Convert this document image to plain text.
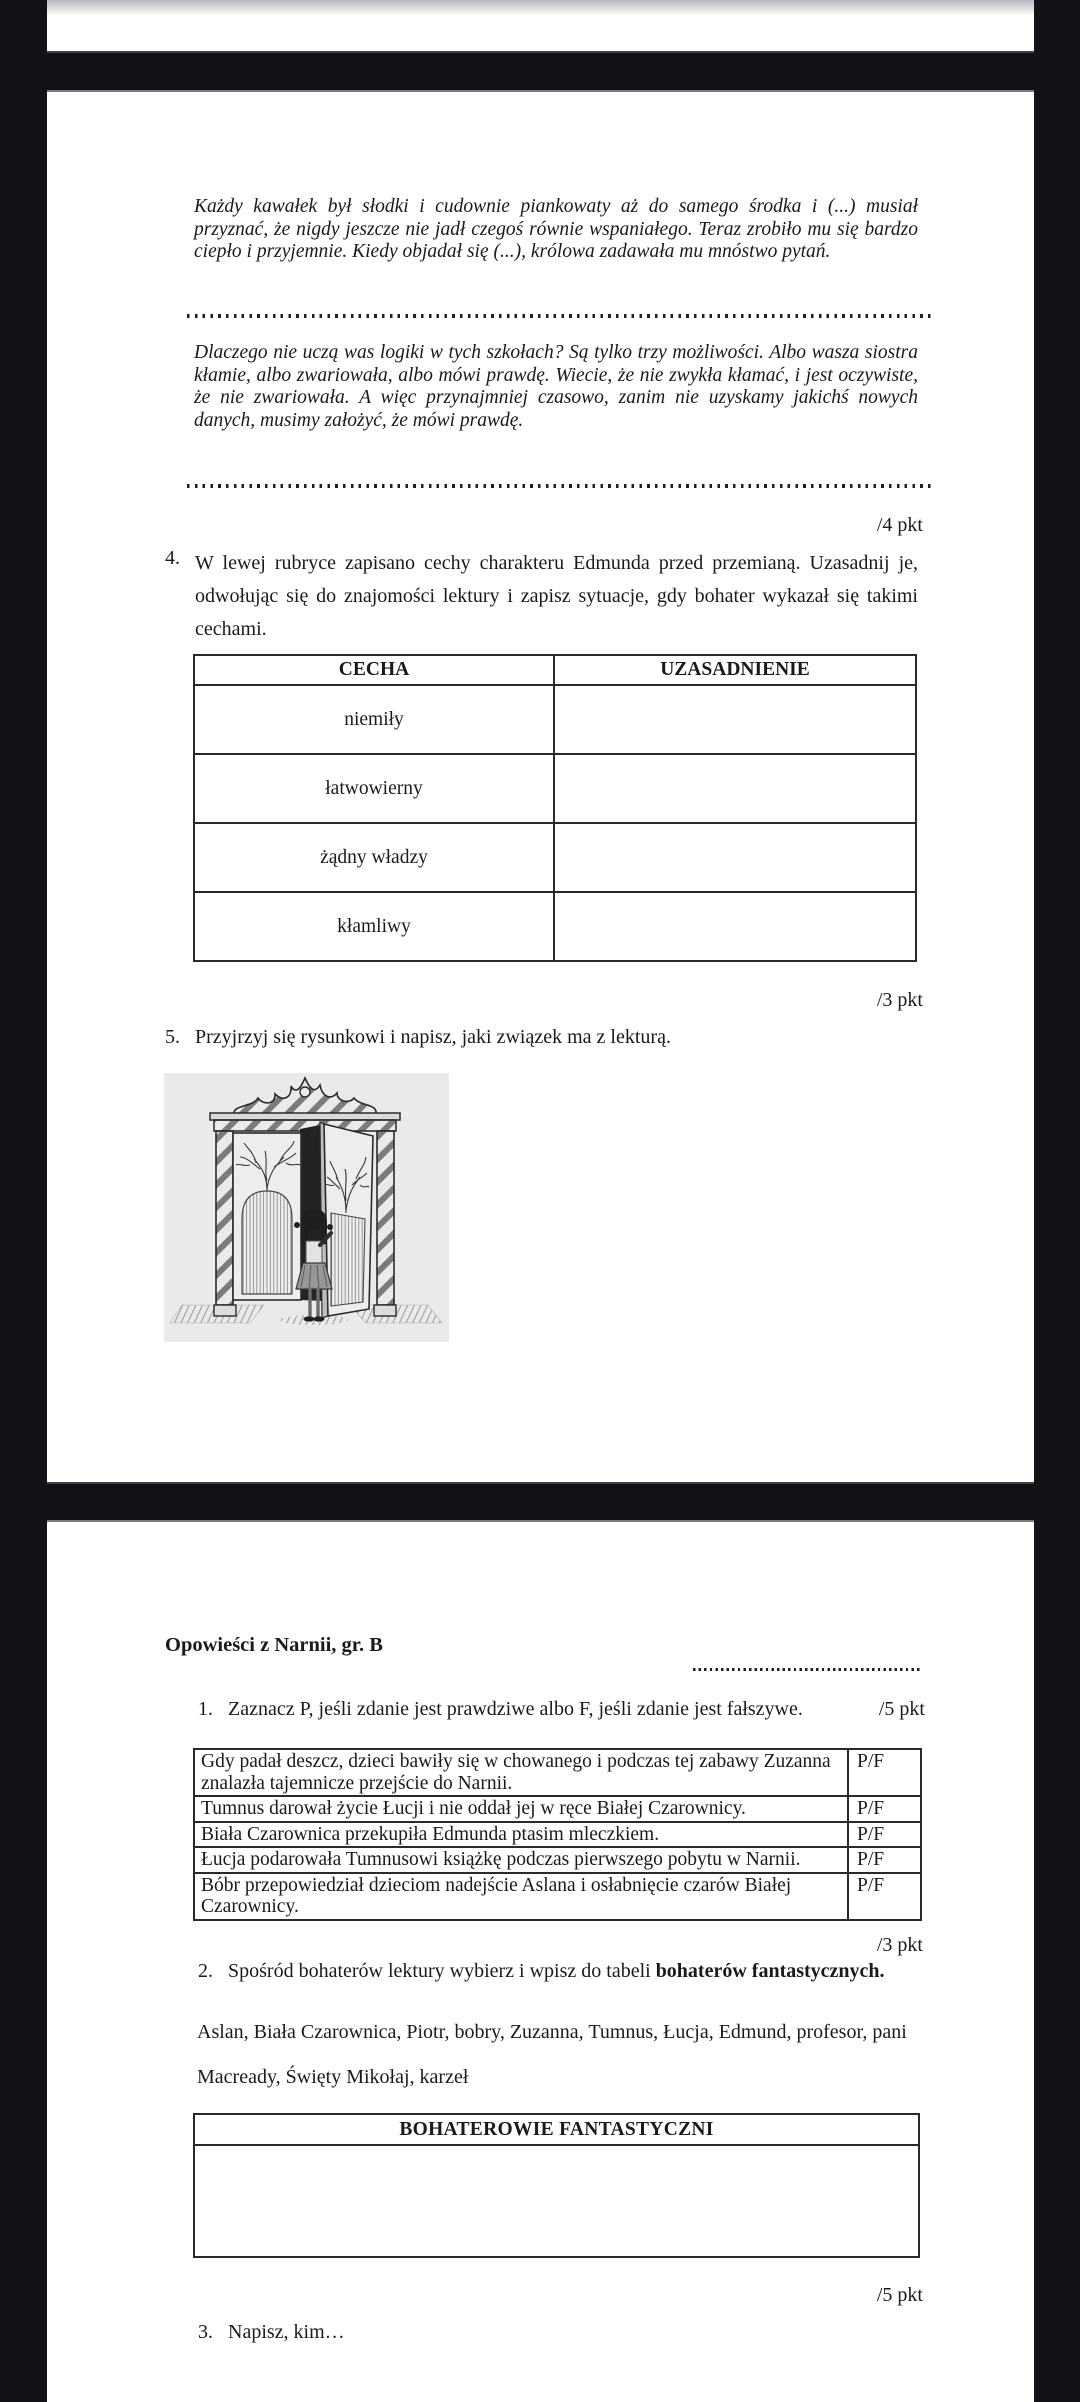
Każdy kawałek był słodki i cudownie piankowaty aż do samego środka i (...) musiał przyznać, że nigdy jeszcze nie jadł czegoś równie wspaniałego. Teraz zrobiło mu się bardzo ciepło i przyjemnie. Kiedy objadał się (...), królowa zadawała mu mnóstwo pytań.
Dlaczego nie uczą was logiki w tych szkołach? Są tylko trzy możliwości. Albo wasza siostra kłamie, albo zwariowała, albo mówi prawdę. Wiecie, że nie zwykła kłamać, i jest oczywiste, że nie zwariowała. A więc przynajmniej czasowo, zanim nie uzyskamy jakichś nowych danych, musimy założyć, że mówi prawdę.
/4 pkt
4. W lewej rubryce zapisano cechy charakteru Edmunda przed przemianą. Uzasadnij je, odwołując się do znajomości lektury i zapisz sytuacje, gdy bohater wykazał się takimi cechami.
CECHA	UZASADNIENIE
niemiły	
łatwowierny	
żądny władzy	
kłamliwy	
/3 pkt
5. Przyjrzyj się rysunkowi i napisz, jaki związek ma z lekturą.
Opowieści z Narnii, gr. B
1. Zaznacz P, jeśli zdanie jest prawdziwe albo F, jeśli zdanie jest fałszywe.	/5 pkt
Gdy padał deszcz, dzieci bawiły się w chowanego i podczas tej zabawy Zuzanna znalazła tajemnicze przejście do Narnii.	P/F
Tumnus darował życie Łucji i nie oddał jej w ręce Białej Czarownicy.	P/F
Biała Czarownica przekupiła Edmunda ptasim mleczkiem.	P/F
Łucja podarowała Tumnusowi książkę podczas pierwszego pobytu w Narnii.	P/F
Bóbr przepowiedział dzieciom nadejście Aslana i osłabnięcie czarów Białej Czarownicy.	P/F
/3 pkt
2. Spośród bohaterów lektury wybierz i wpisz do tabeli bohaterów fantastycznych.
Aslan, Biała Czarownica, Piotr, bobry, Zuzanna, Tumnus, Łucja, Edmund, profesor, pani Macready, Święty Mikołaj, karzeł
BOHATEROWIE FANTASTYCZNI

/5 pkt
3. Napisz, kim…
